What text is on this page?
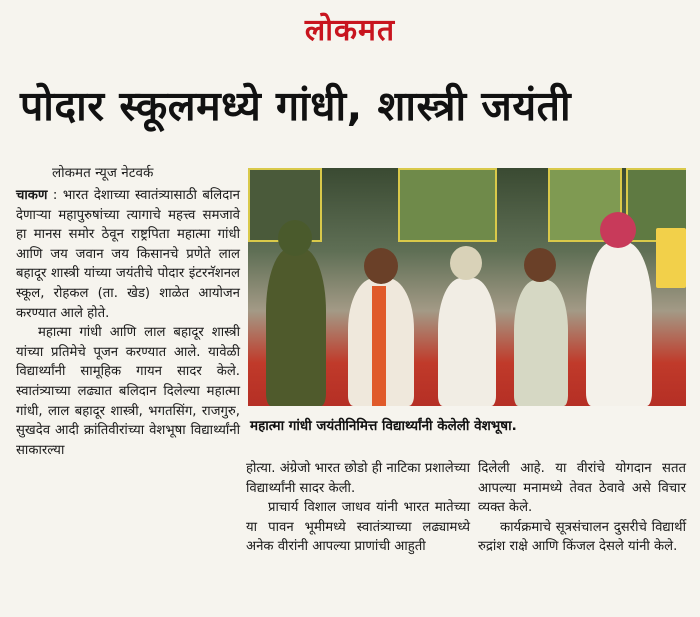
लोकमत
पोदार स्कूलमध्ये गांधी, शास्त्री जयंती
लोकमत न्यूज नेटवर्क
महात्मा गांधी जयंतीनिमित्त विद्यार्थ्यांनी केलेली वेशभूषा.

चाकण : भारत देशाच्या स्वातंत्र्यासाठी बलिदान देणाऱ्या महापुरुषांच्या त्यागाचे महत्त्व समजावे हा मानस समोर ठेवून राष्ट्रपिता महात्मा गांधी आणि जय जवान जय किसानचे प्रणेते लाल बहादूर शास्त्री यांच्या जयंतीचे पोदार इंटरनॅशनल स्कूल, रोहकल (ता. खेड) शाळेत आयोजन करण्यात आले होते.

महात्मा गांधी आणि लाल बहादूर शास्त्री यांच्या प्रतिमेचे पूजन करण्यात आले. यावेळी विद्यार्थ्यांनी सामूहिक गायन सादर केले. स्वातंत्र्याच्या लढ्यात बलिदान दिलेल्या महात्मा गांधी, लाल बहादूर शास्त्री, भगतसिंग, राजगुरु, सुखदेव आदी क्रांतिवीरांच्या वेशभूषा विद्यार्थ्यांनी साकारल्या

होत्या. अंग्रेजो भारत छोडो ही नाटिका प्रशालेच्या विद्यार्थ्यांनी सादर केली.

प्राचार्य विशाल जाधव यांनी भारत मातेच्या या पावन भूमीमध्ये स्वातंत्र्याच्या लढ्यामध्ये अनेक वीरांनी आपल्या प्राणांची आहुती

दिलेली आहे. या वीरांचे योगदान सतत आपल्या मनामध्ये तेवत ठेवावे असे विचार व्यक्त केले.

कार्यक्रमाचे सूत्रसंचालन दुसरीचे विद्यार्थी रुद्रांश राक्षे आणि किंजल देसले यांनी केले.
